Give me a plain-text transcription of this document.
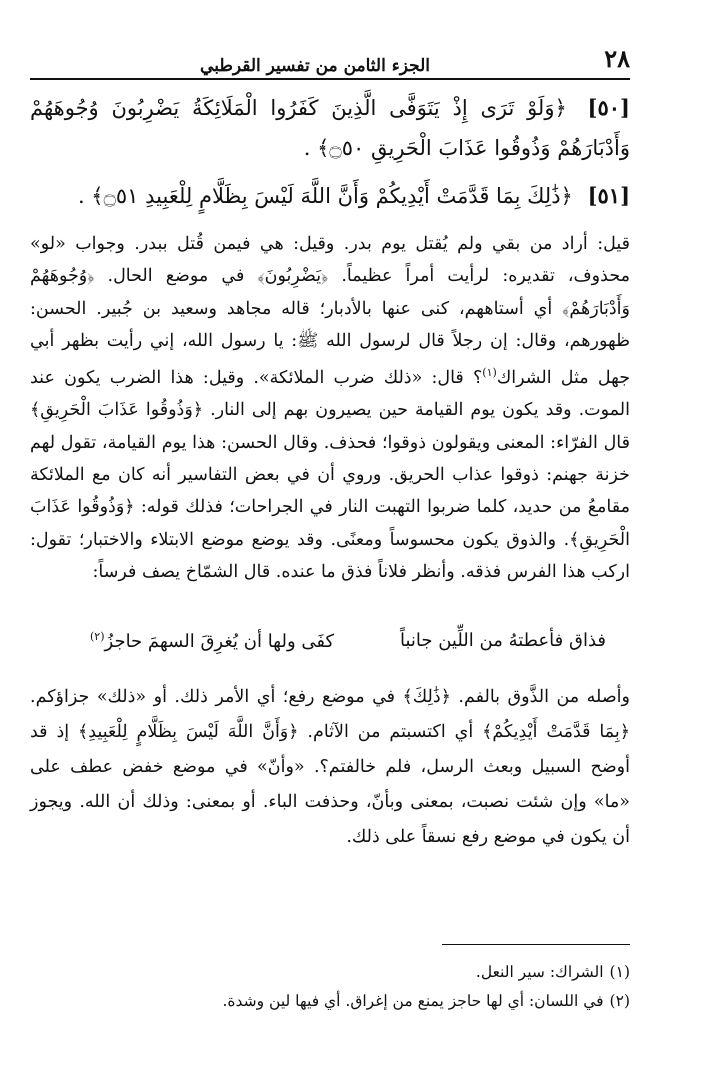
٢٨
الجزء الثامن من تفسير القرطبي
[٥٠] ﴿وَلَوْ تَرَى إِذْ يَتَوَفَّى الَّذِينَ كَفَرُوا الْمَلَائِكَةُ يَضْرِبُونَ وُجُوهَهُمْ وَأَدْبَارَهُمْ وَذُوقُوا عَذَابَ الْحَرِيقِ ۝٥٠﴾ .
[٥١] ﴿ذَٰلِكَ بِمَا قَدَّمَتْ أَيْدِيكُمْ وَأَنَّ اللَّهَ لَيْسَ بِظَلَّامٍ لِلْعَبِيدِ ۝٥١﴾ .

قيل: أراد من بقي ولم يُقتل يوم بدر. وقيل: هي فيمن قُتل ببدر. وجواب «لو» محذوف، تقديره: لرأيت أمراً عظيماً. ﴿يَضْرِبُونَ﴾ في موضع الحال. ﴿وُجُوهَهُمْ وَأَدْبَارَهُمْ﴾ أي أستاههم، كنى عنها بالأدبار؛ قاله مجاهد وسعيد بن جُبير. الحسن: ظهورهم، وقال: إن رجلاً قال لرسول الله ﷺ: يا رسول الله، إني رأيت بظهر أبي جهل مثل الشراك$^{(١)}$؟ قال: «ذلك ضرب الملائكة». وقيل: هذا الضرب يكون عند الموت. وقد يكون يوم القيامة حين يصيرون بهم إلى النار. ﴿وَذُوقُوا عَذَابَ الْحَرِيقِ﴾ قال الفرّاء: المعنى ويقولون ذوقوا؛ فحذف. وقال الحسن: هذا يوم القيامة، تقول لهم خزنة جهنم: ذوقوا عذاب الحريق. وروي أن في بعض التفاسير أنه كان مع الملائكة مقامعُ من حديد، كلما ضربوا التهبت النار في الجراحات؛ فذلك قوله: ﴿وَذُوقُوا عَذَابَ الْحَرِيقِ﴾. والذوق يكون محسوساً ومعنًى. وقد يوضع موضع الابتلاء والاختبار؛ تقول: اركب هذا الفرس فذقه. وأنظر فلاناً فذق ما عنده. قال الشمّاخ يصف فرساً:

فذاق فأعطتهُ من اللِّين جانباً
كفَى ولها أن يُغرِقَ السهمَ حاجزُ$^{(٢)}$

وأصله من الذَّوق بالفم. ﴿ذَٰلِكَ﴾ في موضع رفع؛ أي الأمر ذلك. أو «ذلك» جزاؤكم. ﴿بِمَا قَدَّمَتْ أَيْدِيكُمْ﴾ أي اكتسبتم من الآثام. ﴿وَأَنَّ اللَّهَ لَيْسَ بِظَلَّامٍ لِلْعَبِيدِ﴾ إذ قد أوضح السبيل وبعث الرسل، فلم خالفتم؟. «وأنّ» في موضع خفض عطف على «ما» وإن شئت نصبت، بمعنى وبأنّ، وحذفت الباء. أو بمعنى: وذلك أن الله. ويجوز أن يكون في موضع رفع نسقاً على ذلك.

(١)الشراك: سير النعل.

(٢)في اللسان: أي لها حاجز يمنع من إغراق. أي فيها لين وشدة.
